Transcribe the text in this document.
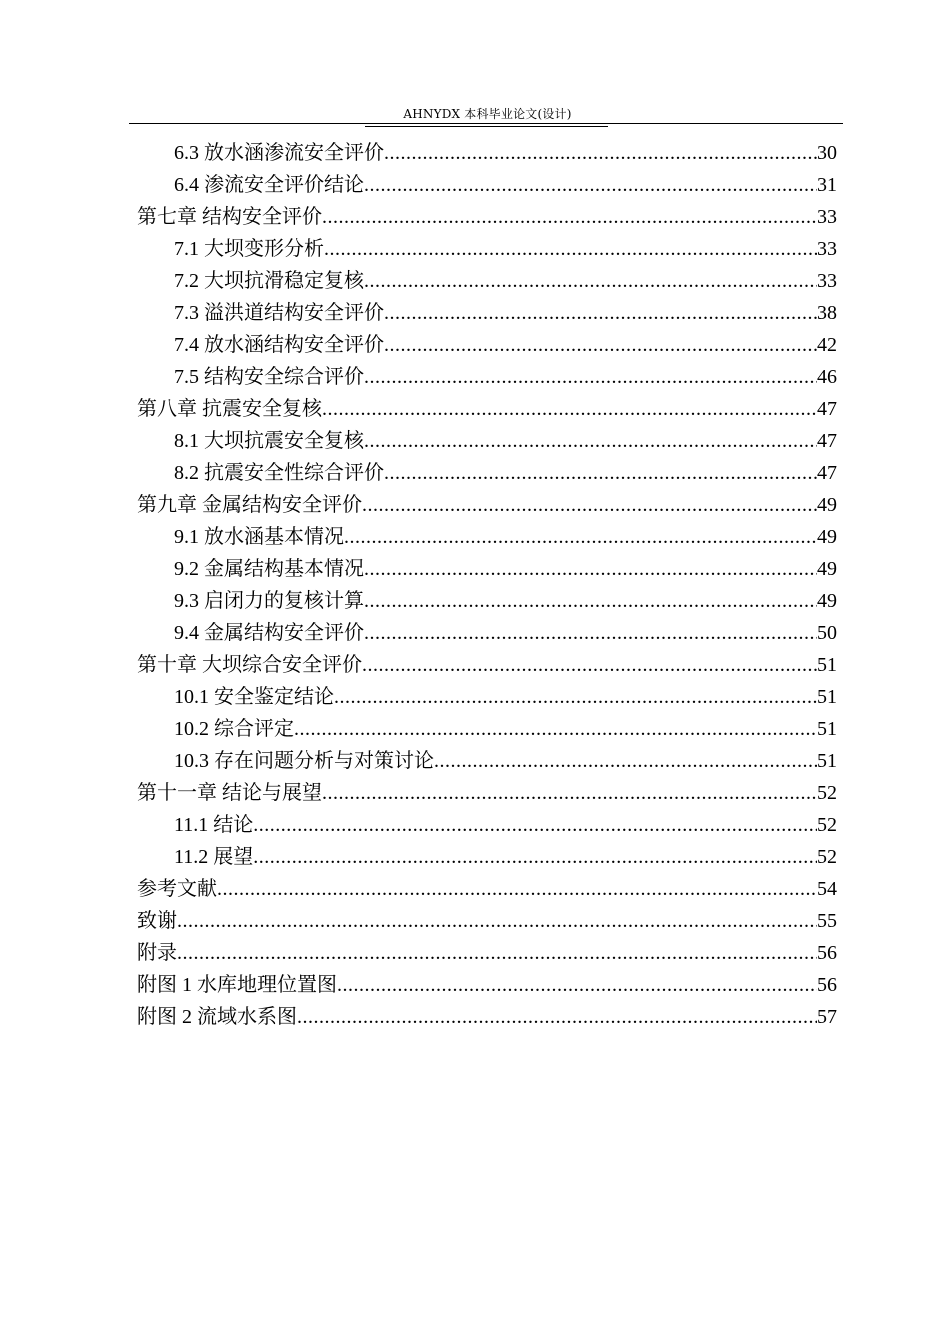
AHNYDX 本科毕业论文(设计)
6.3 放水涵渗流安全评价 .....	30
6.4 渗流安全评价结论 .....	31
第七章 结构安全评价 .....	33
7.1 大坝变形分析 .....	33
7.2 大坝抗滑稳定复核 .....	33
7.3 溢洪道结构安全评价 .....	38
7.4 放水涵结构安全评价 .....	42
7.5 结构安全综合评价 .....	46
第八章 抗震安全复核 .....	47
8.1 大坝抗震安全复核 .....	47
8.2 抗震安全性综合评价 .....	47
第九章 金属结构安全评价 .....	49
9.1 放水涵基本情况 .....	49
9.2 金属结构基本情况 .....	49
9.3 启闭力的复核计算 .....	49
9.4 金属结构安全评价 .....	50
第十章 大坝综合安全评价 .....	51
10.1 安全鉴定结论 .....	51
10.2 综合评定 .....	51
10.3 存在问题分析与对策讨论 .....	51
第十一章 结论与展望 .....	52
11.1 结论 .....	52
11.2 展望 .....	52
参考文献 .....	54
致谢 .....	55
附录 .....	56
附图 1 水库地理位置图 .....	56
附图 2 流域水系图 .....	57
